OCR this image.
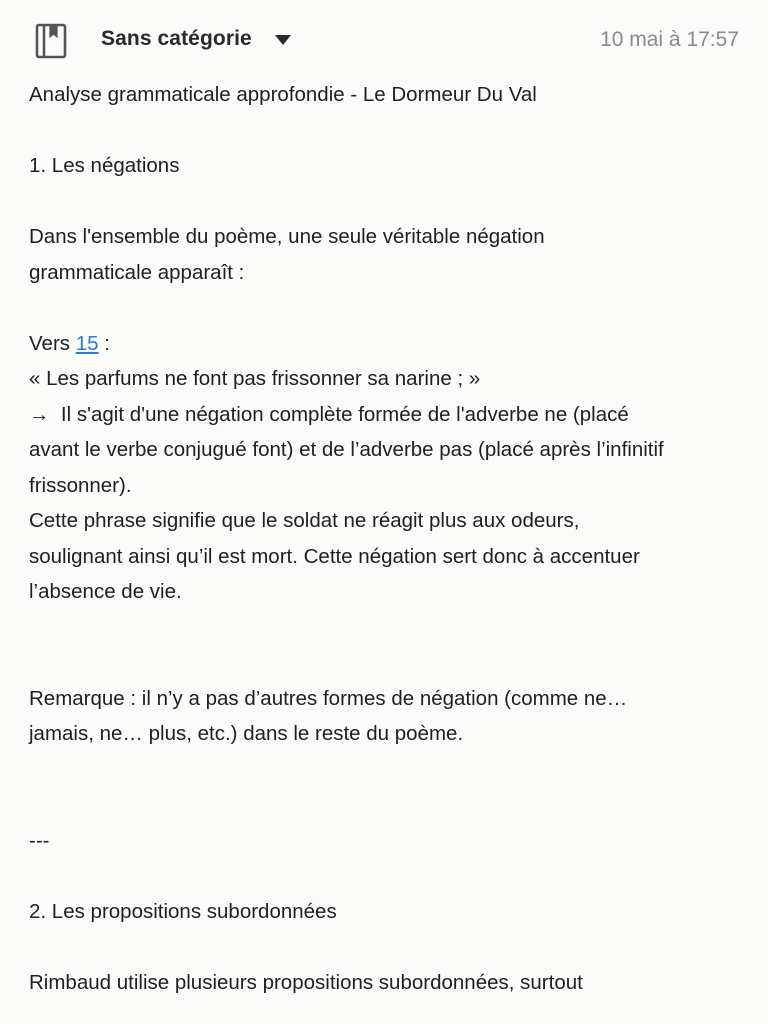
Sans catégorie	10 mai à 17:57

Analyse grammaticale approfondie - Le Dormeur Du Val

1. Les négations

Dans l'ensemble du poème, une seule véritable négation

grammaticale apparaît :

Vers 15 :

« Les parfums ne font pas frissonner sa narine ; »

→  Il s'agit d'une négation complète formée de l'adverbe ne (placé

avant le verbe conjugué font) et de l’adverbe pas (placé après l’infinitif

frissonner).

Cette phrase signifie que le soldat ne réagit plus aux odeurs,

soulignant ainsi qu’il est mort. Cette négation sert donc à accentuer

l’absence de vie.

Remarque : il n’y a pas d’autres formes de négation (comme ne…

jamais, ne… plus, etc.) dans le reste du poème.

---

2. Les propositions subordonnées

Rimbaud utilise plusieurs propositions subordonnées, surtout
